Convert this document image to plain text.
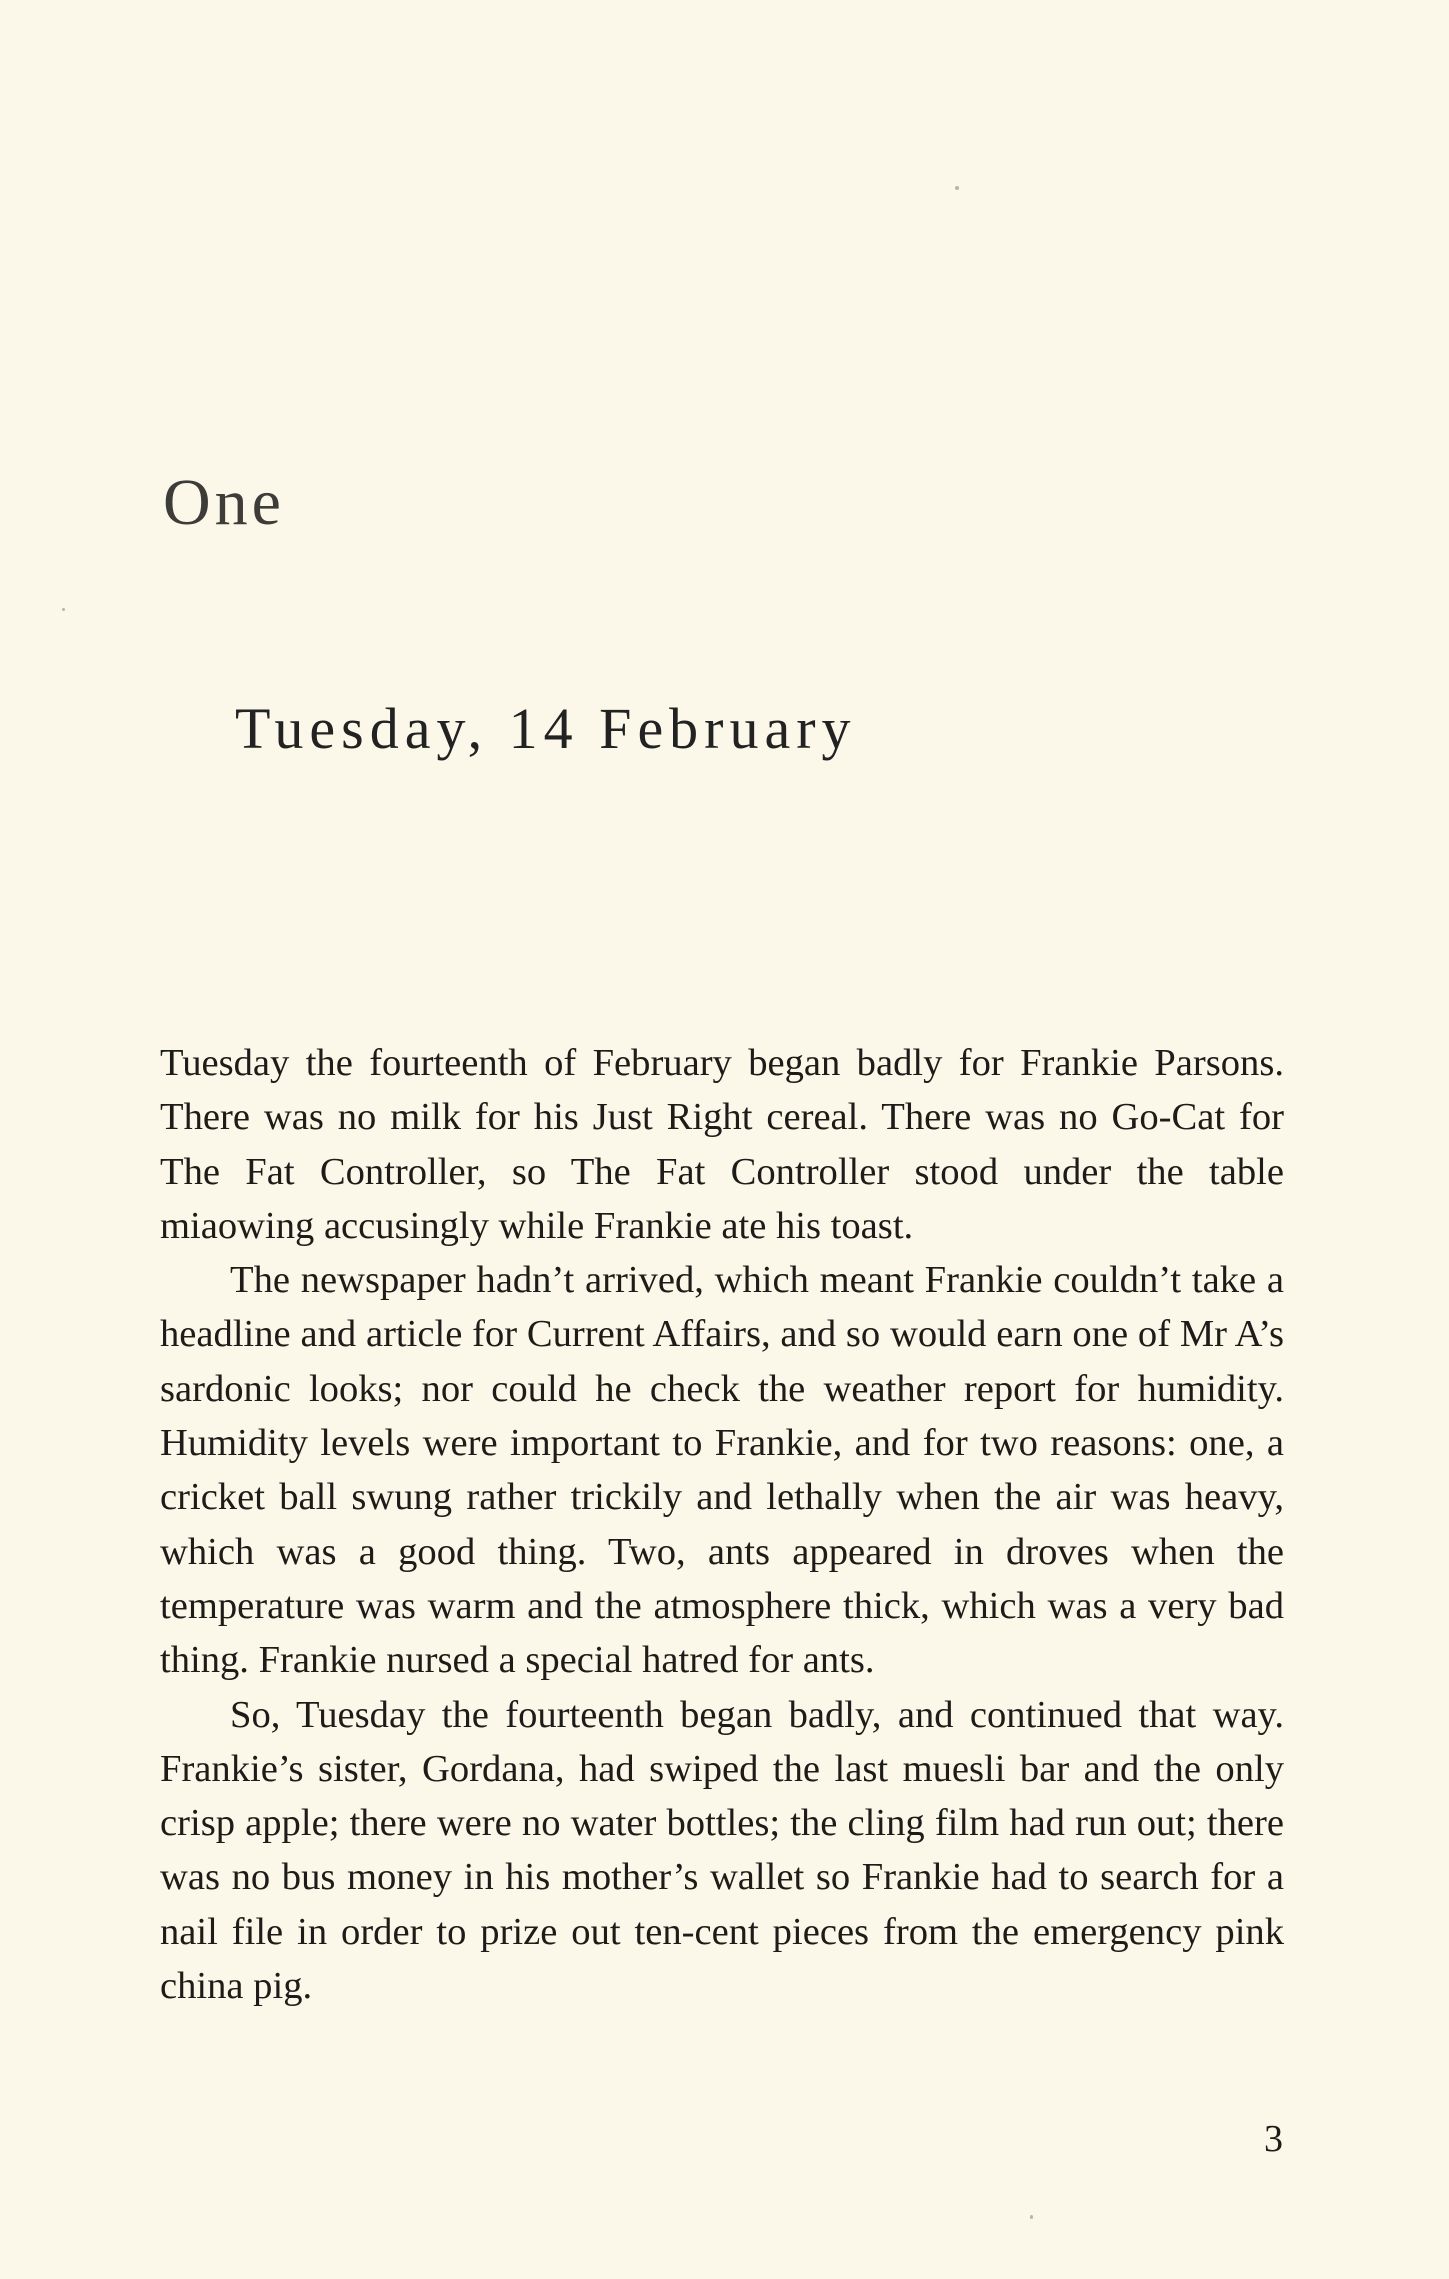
One
Tuesday, 14 February

Tuesday the fourteenth of February began badly for Frankie Parsons. There was no milk for his Just Right cereal. There was no Go-Cat for The Fat Controller, so The Fat Controller stood under the table miaowing accusingly while Frankie ate his toast.

The newspaper hadn’t arrived, which meant Frankie couldn’t take a headline and article for Current Affairs, and so would earn one of Mr A’s sardonic looks; nor could he check the weather report for humidity. Humidity levels were important to Frankie, and for two reasons: one, a cricket ball swung rather trickily and lethally when the air was heavy, which was a good thing. Two, ants appeared in droves when the temperature was warm and the atmosphere thick, which was a very bad thing. Frankie nursed a special hatred for ants.

So, Tuesday the fourteenth began badly, and continued that way. Frankie’s sister, Gordana, had swiped the last muesli bar and the only crisp apple; there were no water bottles; the cling film had run out; there was no bus money in his mother’s wallet so Frankie had to search for a nail file in order to prize out ten-cent pieces from the emergency pink china pig.

3
